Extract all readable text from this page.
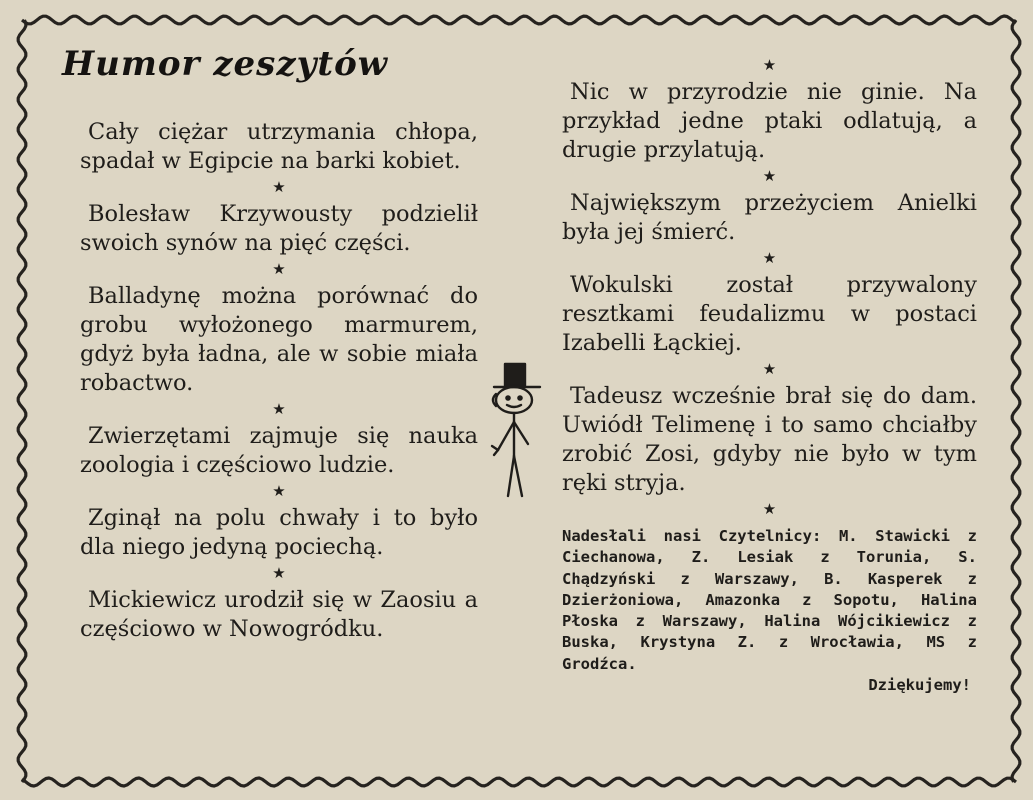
Humor zeszytów

Cały ciężar utrzymania chłopa, spadał w Egipcie na barki kobiet.

★

Bolesław Krzywousty podzielił swoich synów na pięć części.

★

Balladynę można porównać do grobu wyłożonego marmurem, gdyż była ładna, ale w sobie miała robactwo.

★

Zwierzętami zajmuje się nauka zoologia i częściowo ludzie.

★

Zginął na polu chwały i to było dla niego jedyną pociechą.

★

Mickiewicz urodził się w Zaosiu a częściowo w Nowogródku.

★

Nic w przyrodzie nie ginie. Na przykład jedne ptaki odlatują, a drugie przylatują.

★

Największym przeżyciem Anielki była jej śmierć.

★

Wokulski został przywalony resztkami feudalizmu w postaci Izabelli Łąckiej.

★

Tadeusz wcześnie brał się do dam. Uwiódł Telimenę i to samo chciałby zrobić Zosi, gdyby nie było w tym ręki stryja.

★

Nadesłali nasi Czytelnicy: M. Stawicki z Ciechanowa, Z. Lesiak z Torunia, S. Chądzyński z Warszawy, B. Kasperek z Dzierżoniowa, Amazonka z Sopotu, Halina Płoska z Warszawy, Halina Wójcikiewicz z Buska, Krystyna Z. z Wrocławia, MS z Grodźca.

Dziękujemy!
